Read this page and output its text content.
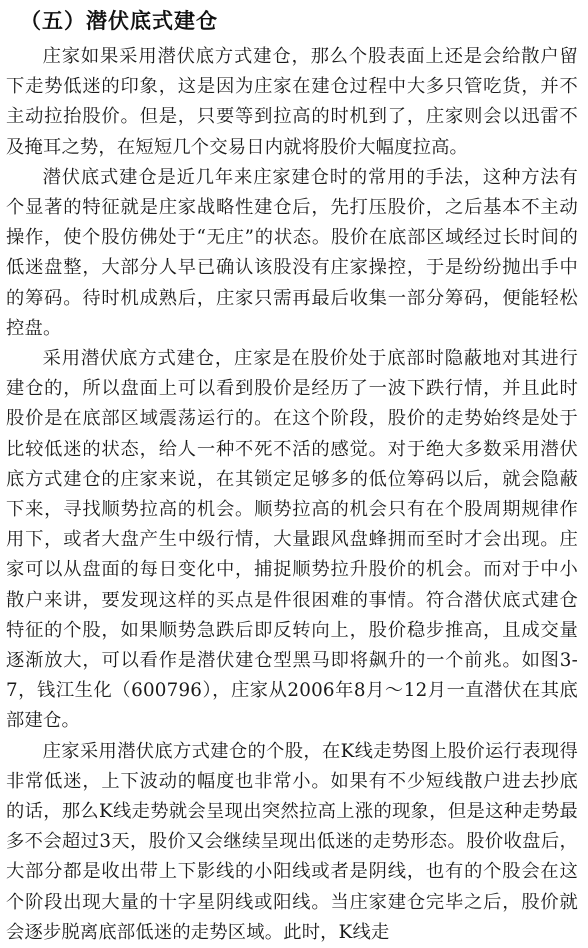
（五）潜伏底式建仓

庄家如果采用潜伏底方式建仓，那么个股表面上还是会给散户留下走势低迷的印象，这是因为庄家在建仓过程中大多只管吃货，并不主动拉抬股价。但是，只要等到拉高的时机到了，庄家则会以迅雷不及掩耳之势，在短短几个交易日内就将股价大幅度拉高。

潜伏底式建仓是近几年来庄家建仓时的常用的手法，这种方法有个显著的特征就是庄家战略性建仓后，先打压股价，之后基本不主动操作，使个股仿佛处于“无庄”的状态。股价在底部区域经过长时间的低迷盘整，大部分人早已确认该股没有庄家操控，于是纷纷抛出手中的筹码。待时机成熟后，庄家只需再最后收集一部分筹码，便能轻松控盘。

采用潜伏底方式建仓，庄家是在股价处于底部时隐蔽地对其进行建仓的，所以盘面上可以看到股价是经历了一波下跌行情，并且此时股价是在底部区域震荡运行的。在这个阶段，股价的走势始终是处于比较低迷的状态，给人一种不死不活的感觉。对于绝大多数采用潜伏底方式建仓的庄家来说，在其锁定足够多的低位筹码以后，就会隐蔽下来，寻找顺势拉高的机会。顺势拉高的机会只有在个股周期规律作用下，或者大盘产生中级行情，大量跟风盘蜂拥而至时才会出现。庄家可以从盘面的每日变化中，捕捉顺势拉升股价的机会。而对于中小散户来讲，要发现这样的买点是件很困难的事情。符合潜伏底式建仓特征的个股，如果顺势急跌后即反转向上，股价稳步推高，且成交量逐渐放大，可以看作是潜伏建仓型黑马即将飙升的一个前兆。如图3-7，钱江生化（600796），庄家从2006年8月～12月一直潜伏在其底部建仓。

庄家采用潜伏底方式建仓的个股，在K线走势图上股价运行表现得非常低迷，上下波动的幅度也非常小。如果有不少短线散户进去抄底的话，那么K线走势就会呈现出突然拉高上涨的现象，但是这种走势最多不会超过3天，股价又会继续呈现出低迷的走势形态。股价收盘后，大部分都是收出带上下影线的小阳线或者是阴线，也有的个股会在这个阶段出现大量的十字星阴线或阳线。当庄家建仓完毕之后，股价就会逐步脱离底部低迷的走势区域。此时，K线走
